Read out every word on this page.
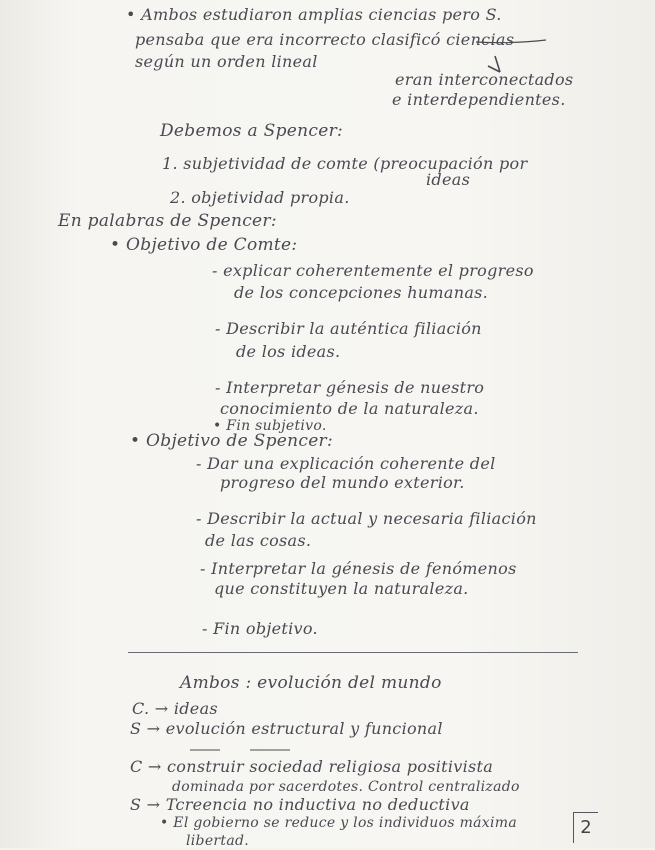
• Ambos estudiaron amplias ciencias pero S.
pensaba que era incorrecto clasificó ciencias
según un orden lineal
eran interconectados
e interdependientes.
Debemos a Spencer:
1. subjetividad de comte (preocupación por
ideas
2. objetividad propia.
En palabras de Spencer:
• Objetivo de Comte:
- explicar coherentemente el progreso
de los concepciones humanas.
- Describir la auténtica filiación
de los ideas.
- Interpretar génesis de nuestro
conocimiento de la naturaleza.
• Fin subjetivo.
• Objetivo de Spencer:
- Dar una explicación coherente del
progreso del mundo exterior.
- Describir la actual y necesaria filiación
de las cosas.
- Interpretar la génesis de fenómenos
que constituyen la naturaleza.
- Fin objetivo.
Ambos : evolución del mundo
C. → ideas
S → evolución estructural y funcional
C → construir sociedad religiosa positivista
dominada por sacerdotes. Control centralizado
S → Tcreencia no inductiva no deductiva
• El gobierno se reduce y los individuos máxima
libertad.
2
